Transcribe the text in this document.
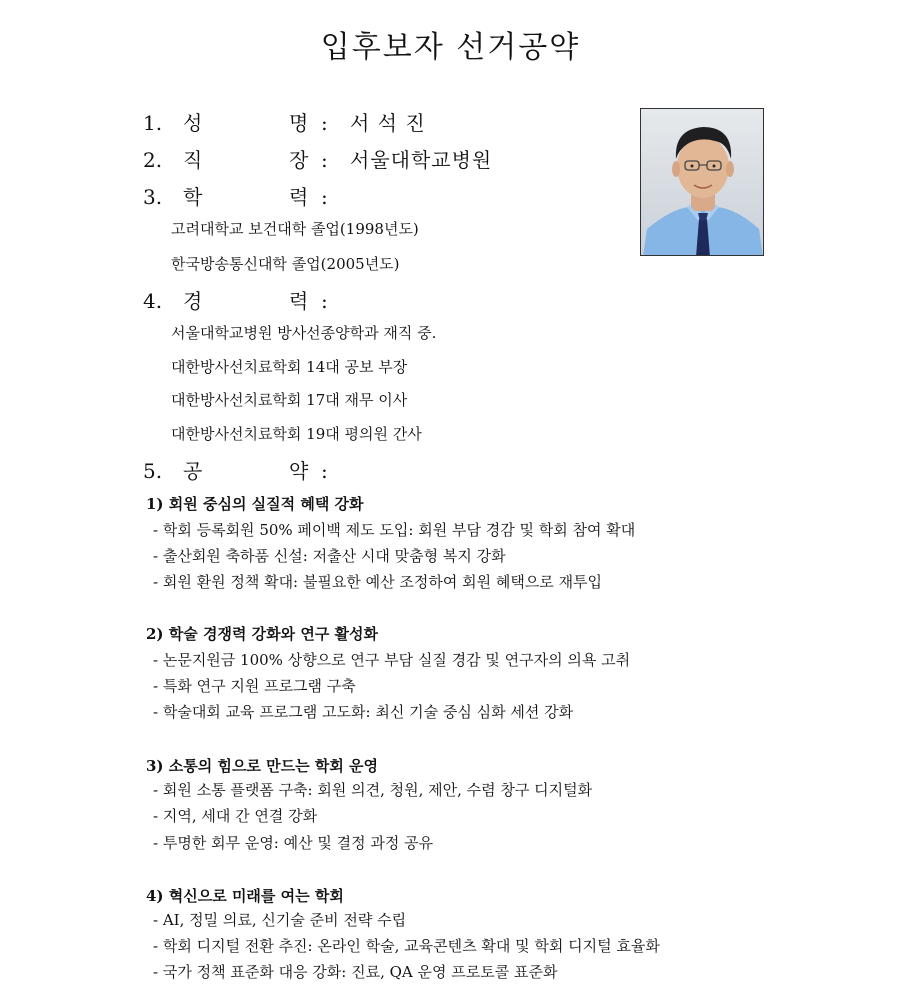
입후보자 선거공약
1.	성	명 : 서 석 진
2.	직	장 : 서울대학교병원
3.	학	력 :
고려대학교 보건대학 졸업(1998년도)
한국방송통신대학 졸업(2005년도)
4.	경	력 :
서울대학교병원 방사선종양학과 재직 중.
대한방사선치료학회 14대 공보 부장
대한방사선치료학회 17대 재무 이사
대한방사선치료학회 19대 평의원 간사
5.	공	약 :
1) 회원 중심의 실질적 혜택 강화
- 학회 등록회원 50% 페이백 제도 도입: 회원 부담 경감 및 학회 참여 확대
- 출산회원 축하품 신설: 저출산 시대 맞춤형 복지 강화
- 회원 환원 정책 확대: 불필요한 예산 조정하여 회원 혜택으로 재투입
2) 학술 경쟁력 강화와 연구 활성화
- 논문지원금 100% 상향으로 연구 부담 실질 경감 및 연구자의 의욕 고취
- 특화 연구 지원 프로그램 구축
- 학술대회 교육 프로그램 고도화: 최신 기술 중심 심화 세션 강화
3) 소통의 힘으로 만드는 학회 운영
- 회원 소통 플랫폼 구축: 회원 의견, 청원, 제안, 수렴 창구 디지털화
- 지역, 세대 간 연결 강화
- 투명한 회무 운영: 예산 및 결정 과정 공유
4) 혁신으로 미래를 여는 학회
- AI, 정밀 의료, 신기술 준비 전략 수립
- 학회 디지털 전환 추진: 온라인 학술, 교육콘텐츠 확대 및 학회 디지털 효율화
- 국가 정책 표준화 대응 강화: 진료, QA 운영 프로토콜 표준화
